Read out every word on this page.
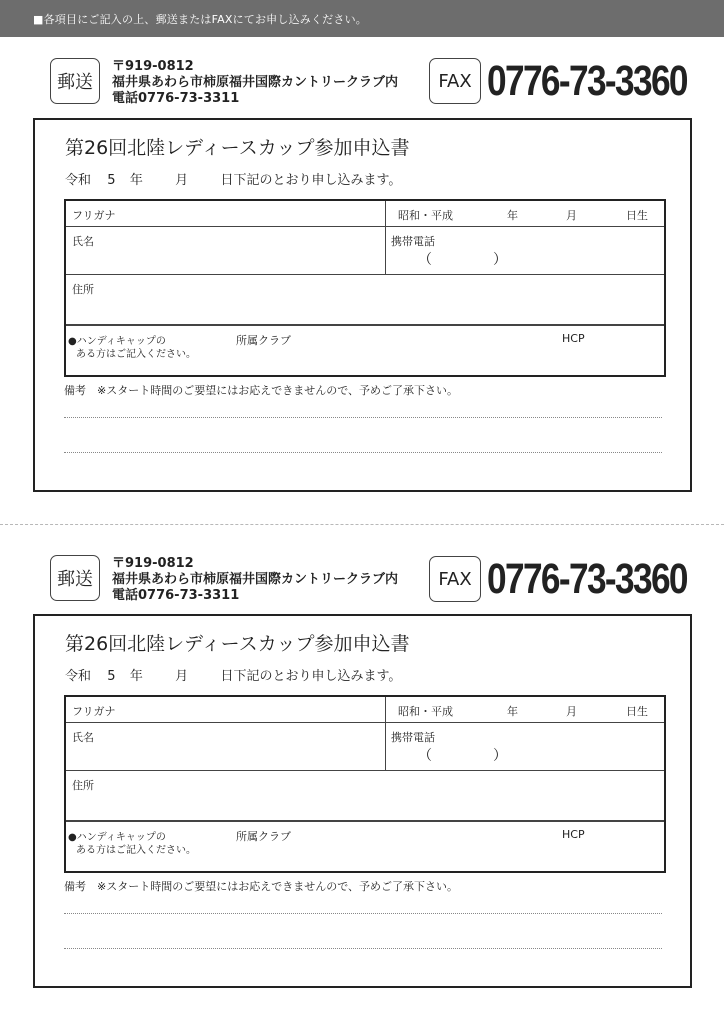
■各項目にご記入の上、郵送またはFAXにてお申し込みください。
郵送
〒919-0812
福井県あわら市柿原福井国際カントリークラブ内
電話0776-73-3311
FAX 0776-73-3360
第26回北陸レディースカップ参加申込書
令和 5 年 月 日下記のとおり申し込みます。
フリガナ	昭和・平成	年	月	日生
氏名	携帯電話
（	）
住所
●ハンディキャップの
ある方はご記入ください。
所属クラブ	HCP
備考　※スタート時間のご要望にはお応えできませんので、予めご了承下さい。
郵送
〒919-0812
福井県あわら市柿原福井国際カントリークラブ内
電話0776-73-3311
FAX 0776-73-3360
第26回北陸レディースカップ参加申込書
令和 5 年 月 日下記のとおり申し込みます。
フリガナ	昭和・平成	年	月	日生
氏名	携帯電話
（	）
住所
●ハンディキャップの
ある方はご記入ください。
所属クラブ	HCP
備考　※スタート時間のご要望にはお応えできませんので、予めご了承下さい。
